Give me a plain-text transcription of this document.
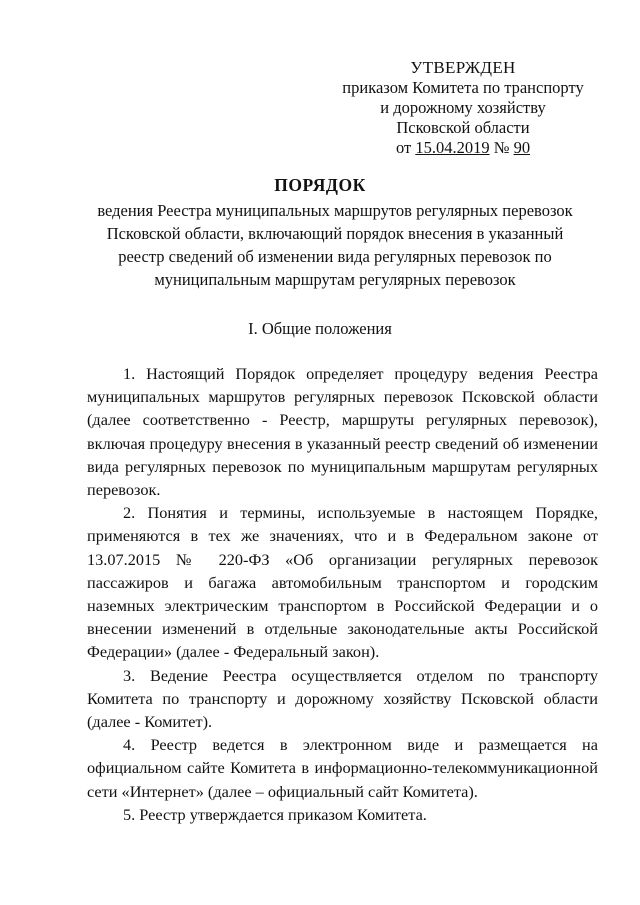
УТВЕРЖДЕН
приказом Комитета по транспорту
и дорожному хозяйству
Псковской области
от 15.04.2019 № 90
ПОРЯДОК
ведения Реестра муниципальных маршрутов регулярных перевозок Псковской области, включающий порядок внесения в указанный реестр сведений об изменении вида регулярных перевозок по муниципальным маршрутам регулярных перевозок
I. Общие положения

1. Настоящий Порядок определяет процедуру ведения Реестра муниципальных маршрутов регулярных перевозок Псковской области (далее соответственно - Реестр, маршруты регулярных перевозок), включая процедуру внесения в указанный реестр сведений об изменении вида регулярных перевозок по муниципальным маршрутам регулярных перевозок.

2. Понятия и термины, используемые в настоящем Порядке, применяются в тех же значениях, что и в Федеральном законе от 13.07.2015 № 220-ФЗ «Об организации регулярных перевозок пассажиров и багажа автомобильным транспортом и городским наземных электрическим транспортом в Российской Федерации и о внесении изменений в отдельные законодательные акты Российской Федерации» (далее - Федеральный закон).

3. Ведение Реестра осуществляется отделом по транспорту Комитета по транспорту и дорожному хозяйству Псковской области (далее - Комитет).

4. Реестр ведется в электронном виде и размещается на официальном сайте Комитета в информационно-телекоммуникационной сети «Интернет» (далее – официальный сайт Комитета).

5. Реестр утверждается приказом Комитета.
